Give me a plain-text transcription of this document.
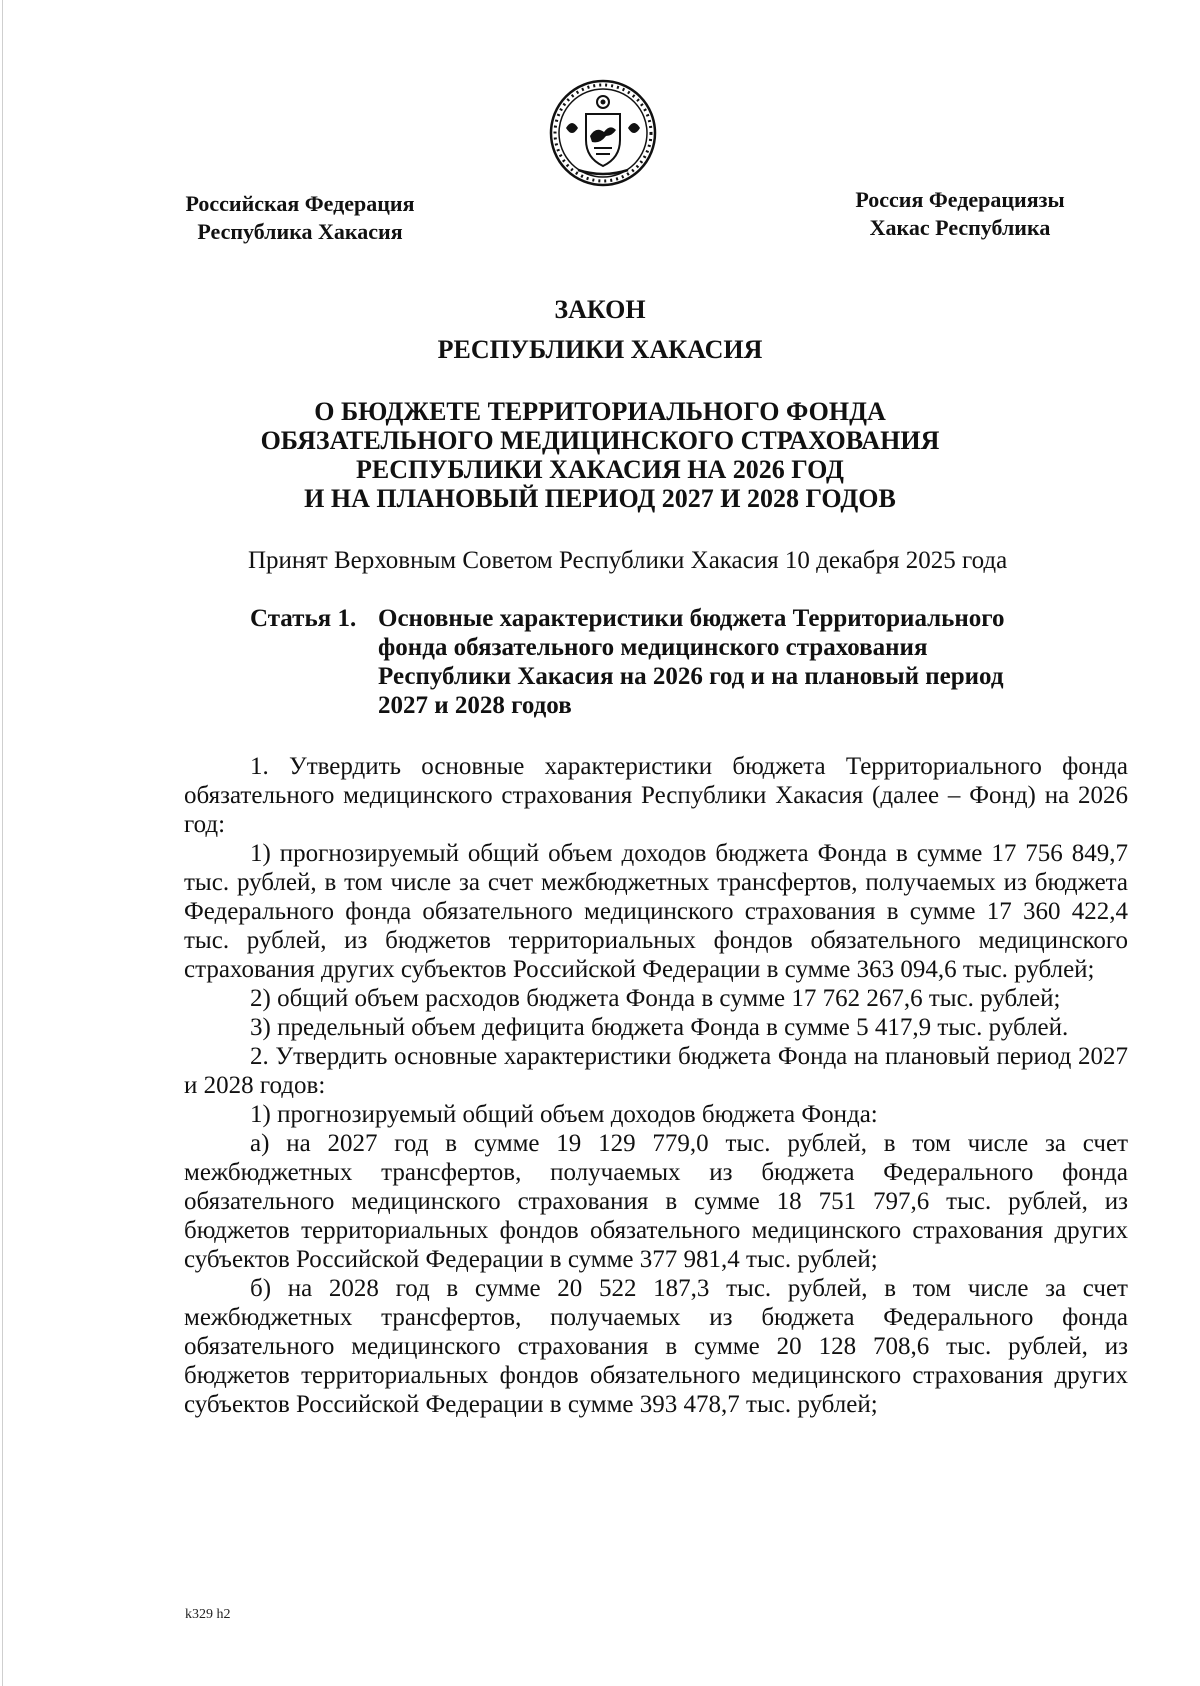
Российская Федерация
Республика Хакасия
Россия Федерациязы
Хакас Республика
ЗАКОН
РЕСПУБЛИКИ ХАКАСИЯ
О БЮДЖЕТЕ ТЕРРИТОРИАЛЬНОГО ФОНДА
ОБЯЗАТЕЛЬНОГО МЕДИЦИНСКОГО СТРАХОВАНИЯ
РЕСПУБЛИКИ ХАКАСИЯ НА 2026 ГОД
И НА ПЛАНОВЫЙ ПЕРИОД 2027 И 2028 ГОДОВ
Принят Верховным Советом Республики Хакасия 10 декабря 2025 года
Статья 1. Основные характеристики бюджета Территориального
фонда обязательного медицинского страхования
Республики Хакасия на 2026 год и на плановый период
2027 и 2028 годов

1. Утвердить основные характеристики бюджета Территориального фонда обязательного медицинского страхования Республики Хакасия (далее – Фонд) на 2026 год:

1) прогнозируемый общий объем доходов бюджета Фонда в сумме 17 756 849,7 тыс. рублей, в том числе за счет межбюджетных трансфертов, получаемых из бюджета Федерального фонда обязательного медицинского страхования в сумме 17 360 422,4 тыс. рублей, из бюджетов территориальных фондов обязательного медицинского страхования других субъектов Российской Федерации в сумме 363 094,6 тыс. рублей;

2) общий объем расходов бюджета Фонда в сумме 17 762 267,6 тыс. рублей;

3) предельный объем дефицита бюджета Фонда в сумме 5 417,9 тыс. рублей.

2. Утвердить основные характеристики бюджета Фонда на плановый период 2027 и 2028 годов:

1) прогнозируемый общий объем доходов бюджета Фонда:

а) на 2027 год в сумме 19 129 779,0 тыс. рублей, в том числе за счет межбюджетных трансфертов, получаемых из бюджета Федерального фонда обязательного медицинского страхования в сумме 18 751 797,6 тыс. рублей, из бюджетов территориальных фондов обязательного медицинского страхования других субъектов Российской Федерации в сумме 377 981,4 тыс. рублей;

б) на 2028 год в сумме 20 522 187,3 тыс. рублей, в том числе за счет межбюджетных трансфертов, получаемых из бюджета Федерального фонда обязательного медицинского страхования в сумме 20 128 708,6 тыс. рублей, из бюджетов территориальных фондов обязательного медицинского страхования других субъектов Российской Федерации в сумме 393 478,7 тыс. рублей;

k329 h2
